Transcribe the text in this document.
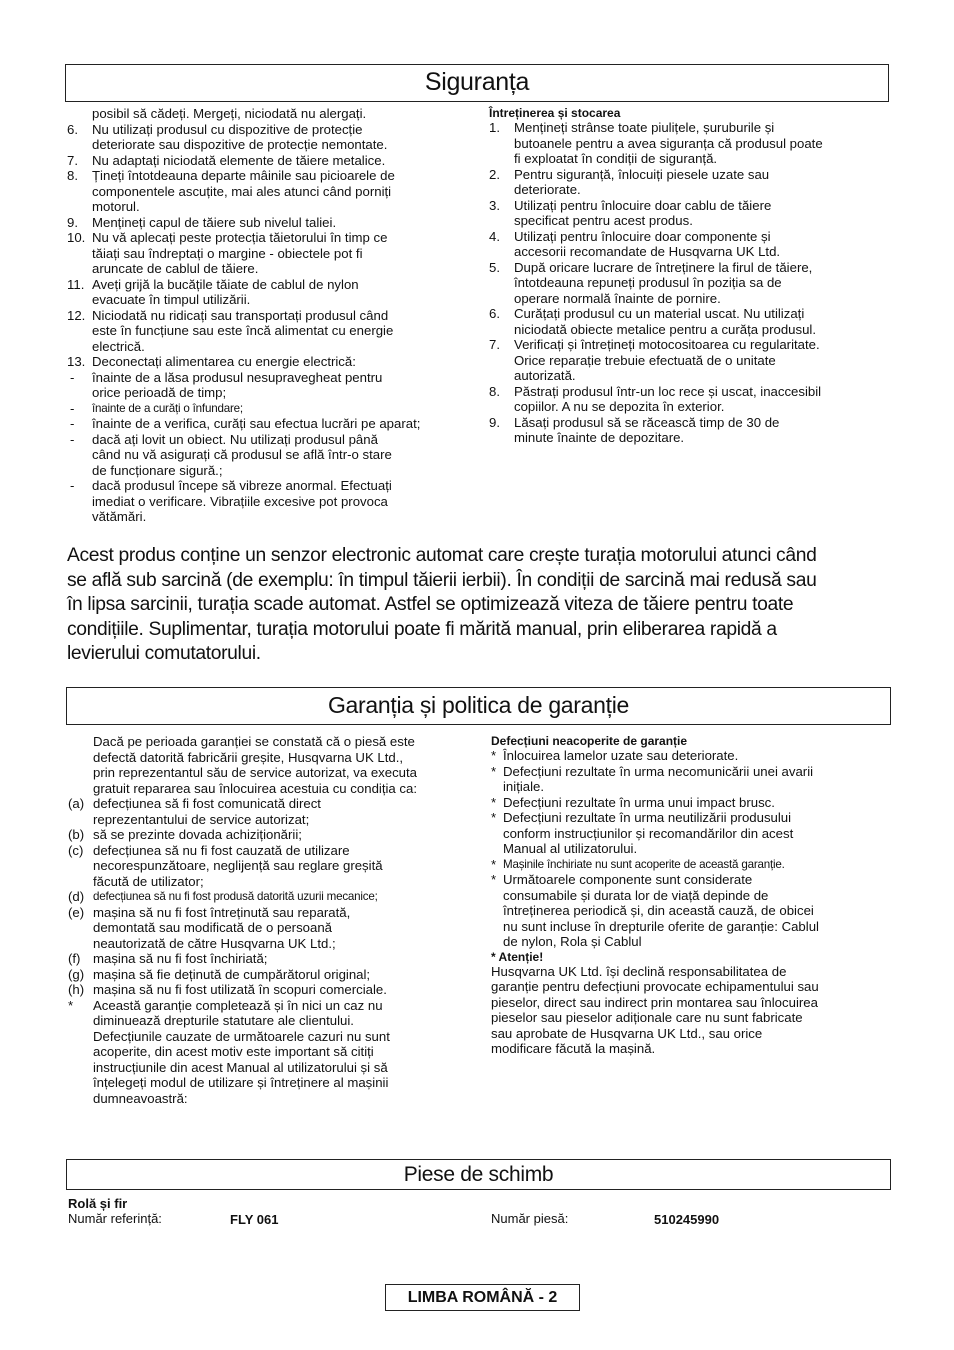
Siguranța
posibil să cădeți. Mergeți, niciodată nu alergați.
6.	Nu utilizați produsul cu dispozitive de protecție
deteriorate sau dispozitive de protecție nemontate.
7.	Nu adaptați niciodată elemente de tăiere metalice.
8.	Țineți întotdeauna departe mâinile sau picioarele de
componentele ascuțite, mai ales atunci când porniți
motorul.
9.	Mențineți capul de tăiere sub nivelul taliei.
10. Nu vă aplecați peste protecția tăietorului în timp ce
tăiați sau îndreptați o margine - obiectele pot fi
aruncate de cablul de tăiere.
11. Aveți grijă la bucățile tăiate de cablul de nylon
evacuate în timpul utilizării.
12. Niciodată nu ridicați sau transportați produsul când
este în funcțiune sau este încă alimentat cu energie
electrică.
13. Deconectați alimentarea cu energie electrică:
-	înainte de a lăsa produsul nesupravegheat pentru
orice perioadă de timp;
-	înainte de a curăți o înfundare;
-	înainte de a verifica, curăți sau efectua lucrări pe aparat;
-	dacă ați lovit un obiect. Nu utilizați produsul până
când nu vă asigurați că produsul se află într-o stare
de funcționare sigură.;
-	dacă produsul începe să vibreze anormal. Efectuați
imediat o verificare. Vibrațiile excesive pot provoca
vătămări.
Întreținerea și stocarea
1.	Mențineți strânse toate piulițele, șuruburile și
butoanele pentru a avea siguranța că produsul poate
fi exploatat în condiții de siguranță.
2.	Pentru siguranță, înlocuiți piesele uzate sau
deteriorate.
3.	Utilizați pentru înlocuire doar cablu de tăiere
specificat pentru acest produs.
4.	Utilizați pentru înlocuire doar componente și
accesorii recomandate de Husqvarna UK Ltd.
5.	După oricare lucrare de întreținere la firul de tăiere,
întotdeauna repuneți produsul în poziția sa de
operare normală înainte de pornire.
6.	Curățați produsul cu un material uscat. Nu utilizați
niciodată obiecte metalice pentru a curăța produsul.
7.	Verificați și întrețineți motocositoarea cu regularitate.
Orice reparație trebuie efectuată de o unitate
autorizată.
8.	Păstrați produsul într-un loc rece și uscat, inaccesibil
copiilor. A nu se depozita în exterior.
9.	Lăsați produsul să se răcească timp de 30 de
minute înainte de depozitare.
Acest produs conține un senzor electronic automat care crește turația motorului atunci când
se află sub sarcină (de exemplu: în timpul tăierii ierbii). În condiții de sarcină mai redusă sau
în lipsa sarcinii, turația scade automat. Astfel se optimizează viteza de tăiere pentru toate
condițiile. Suplimentar, turația motorului poate fi mărită manual, prin eliberarea rapidă a
levierului comutatorului.
Garanția și politica de garanție
Dacă pe perioada garanției se constată că o piesă este
defectă datorită fabricării greșite, Husqvarna UK Ltd.,
prin reprezentantul său de service autorizat, va executa
gratuit repararea sau înlocuirea acestuia cu condiția ca:
(a) defecțiunea să fi fost comunicată direct
reprezentantului de service autorizat;
(b) să se prezinte dovada achiziționării;
(c) defecțiunea să nu fi fost cauzată de utilizare
necorespunzătoare, neglijență sau reglare greșită
făcută de utilizator;
(d) defecțiunea să nu fi fost produsă datorită uzurii mecanice;
(e) mașina să nu fi fost întreținută sau reparată,
demontată sau modificată de o persoană
neautorizată de către Husqvarna UK Ltd.;
(f) mașina să nu fi fost închiriată;
(g) mașina să fie deținută de cumpărătorul original;
(h) mașina să nu fi fost utilizată în scopuri comerciale.
*	Această garanție completează și în nici un caz nu
diminuează drepturile statutare ale clientului.
Defecțiunile cauzate de următoarele cazuri nu sunt
acoperite, din acest motiv este important să citiți
instrucțiunile din acest Manual al utilizatorului și să
înțelegeți modul de utilizare și întreținere al mașinii
dumneavoastră:
Defecțiuni neacoperite de garanție
* Înlocuirea lamelor uzate sau deteriorate.
* Defecțiuni rezultate în urma necomunicării unei avarii
inițiale.
* Defecțiuni rezultate în urma unui impact brusc.
* Defecțiuni rezultate în urma neutilizării produsului
conform instrucțiunilor și recomandărilor din acest
Manual al utilizatorului.
* Mașinile închiriate nu sunt acoperite de această garanție.
* Următoarele componente sunt considerate
consumabile și durata lor de viață depinde de
întreținerea periodică și, din această cauză, de obicei
nu sunt incluse în drepturile oferite de garanție: Cablul
de nylon, Rola și Cablul
* Atenție!
Husqvarna UK Ltd. își declină responsabilitatea de
garanție pentru defecțiuni provocate echipamentului sau
pieselor, direct sau indirect prin montarea sau înlocuirea
pieselor sau pieselor adiționale care nu sunt fabricate
sau aprobate de Husqvarna UK Ltd., sau orice
modificare făcută la mașină.
Piese de schimb
Rolă și fir
Număr referință:	FLY 061	Număr piesă:	510245990
LIMBA ROMÂNĂ - 2
